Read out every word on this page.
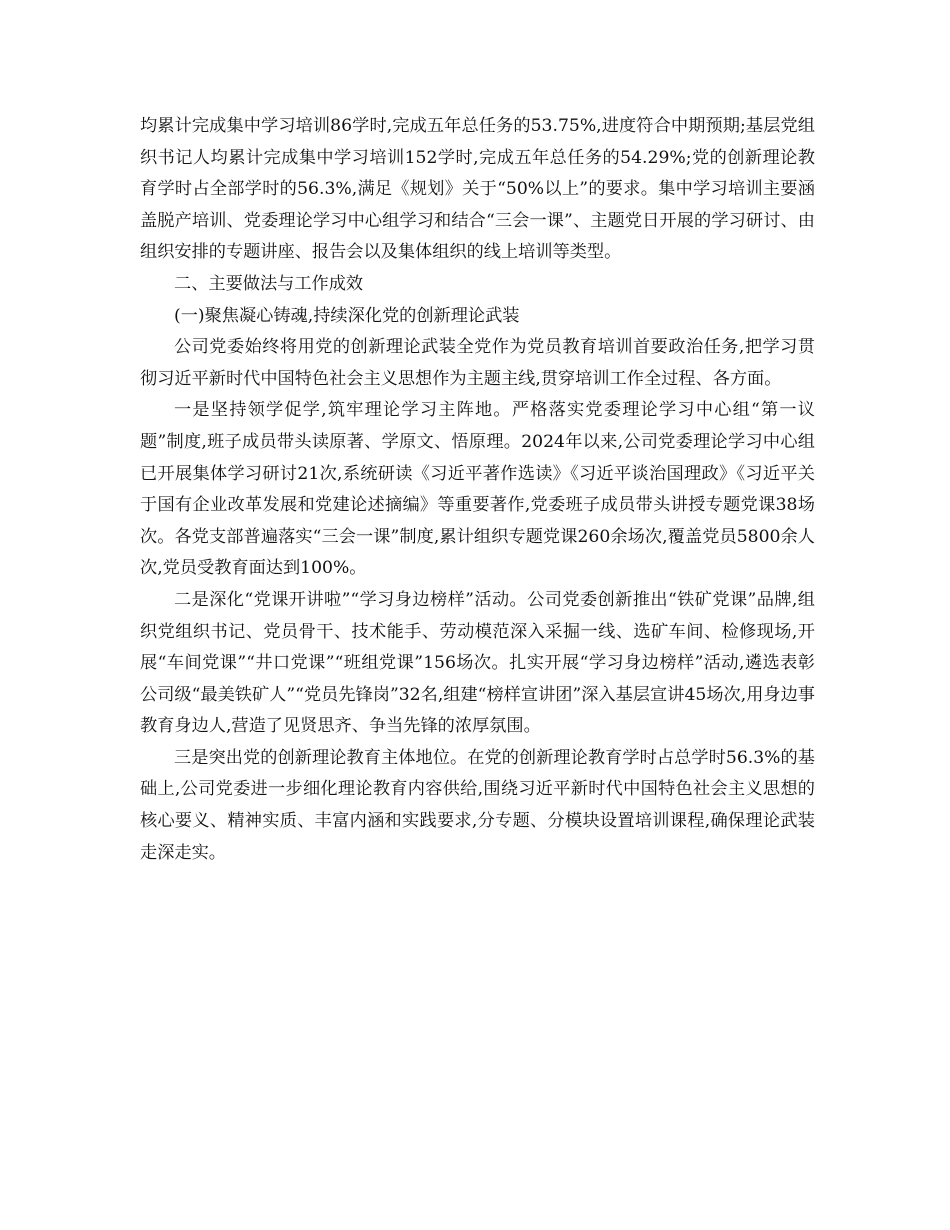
均累计完成集中学习培训86学时,完成五年总任务的53.75%,进度符合中期预期;基层党组织书记人均累计完成集中学习培训152学时,完成五年总任务的54.29%;党的创新理论教育学时占全部学时的56.3%,满足《规划》关于“50%以上”的要求。集中学习培训主要涵盖脱产培训、党委理论学习中心组学习和结合“三会一课”、主题党日开展的学习研讨、由组织安排的专题讲座、报告会以及集体组织的线上培训等类型。

二、主要做法与工作成效

(一)聚焦凝心铸魂,持续深化党的创新理论武装

公司党委始终将用党的创新理论武装全党作为党员教育培训首要政治任务,把学习贯彻习近平新时代中国特色社会主义思想作为主题主线,贯穿培训工作全过程、各方面。

一是坚持领学促学,筑牢理论学习主阵地。严格落实党委理论学习中心组“第一议题”制度,班子成员带头读原著、学原文、悟原理。2024年以来,公司党委理论学习中心组已开展集体学习研讨21次,系统研读《习近平著作选读》《习近平谈治国理政》《习近平关于国有企业改革发展和党建论述摘编》等重要著作,党委班子成员带头讲授专题党课38场次。各党支部普遍落实“三会一课”制度,累计组织专题党课260余场次,覆盖党员5800余人次,党员受教育面达到100%。

二是深化“党课开讲啦”“学习身边榜样”活动。公司党委创新推出“铁矿党课”品牌,组织党组织书记、党员骨干、技术能手、劳动模范深入采掘一线、选矿车间、检修现场,开展“车间党课”“井口党课”“班组党课”156场次。扎实开展“学习身边榜样”活动,遴选表彰公司级“最美铁矿人”“党员先锋岗”32名,组建“榜样宣讲团”深入基层宣讲45场次,用身边事教育身边人,营造了见贤思齐、争当先锋的浓厚氛围。

三是突出党的创新理论教育主体地位。在党的创新理论教育学时占总学时56.3%的基础上,公司党委进一步细化理论教育内容供给,围绕习近平新时代中国特色社会主义思想的核心要义、精神实质、丰富内涵和实践要求,分专题、分模块设置培训课程,确保理论武装走深走实。
